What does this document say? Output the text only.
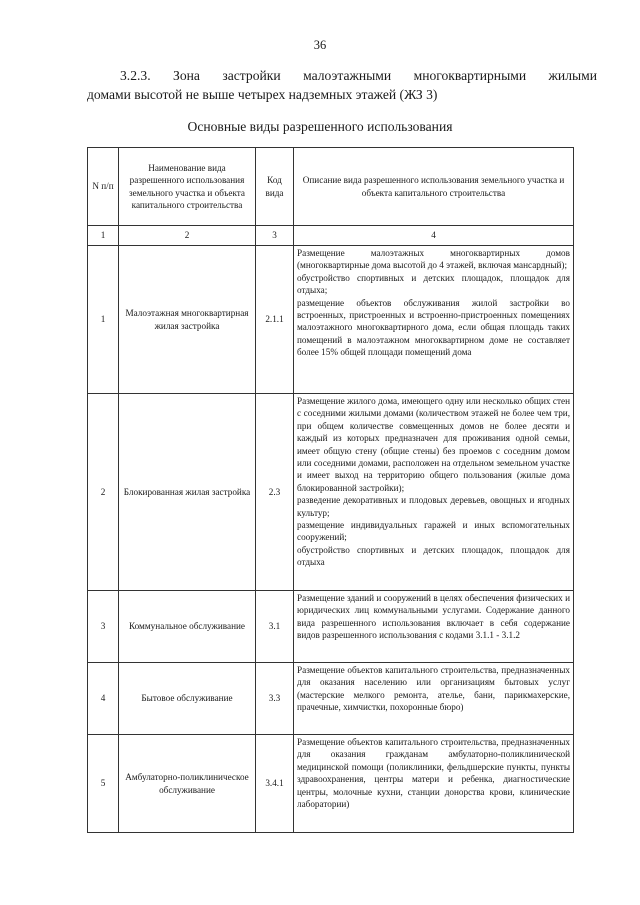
36
3.2.3. Зона застройки малоэтажными многоквартирными жилыми
домами высотой не выше четырех надземных этажей (ЖЗ 3)
Основные виды разрешенного использования
N п/п	Наименование вида разрешенного использования земельного участка и объекта капитального строительства	Код вида	Описание вида разрешенного использования земельного участка и объекта капитального строительства
1	2	3	4
1	Малоэтажная многоквартирная жилая застройка	2.1.1	Размещение малоэтажных многоквартирных домов (многоквартирные дома высотой до 4 этажей, включая мансардный);
обустройство спортивных и детских площадок, площадок для отдыха;
размещение объектов обслуживания жилой застройки во встроенных, пристроенных и встроенно-пристроенных помещениях малоэтажного многоквартирного дома, если общая площадь таких помещений в малоэтажном многоквартирном доме не составляет более 15% общей площади помещений дома

2	Блокированная жилая застройка	2.3	Размещение жилого дома, имеющего одну или несколько общих стен с соседними жилыми домами (количеством этажей не более чем три, при общем количестве совмещенных домов не более десяти и каждый из которых предназначен для проживания одной семьи, имеет общую стену (общие стены) без проемов с соседним домом или соседними домами, расположен на отдельном земельном участке и имеет выход на территорию общего пользования (жилые дома блокированной застройки);
разведение декоративных и плодовых деревьев, овощных и ягодных культур;
размещение индивидуальных гаражей и иных вспомогательных сооружений;
обустройство спортивных и детских площадок, площадок для отдыха

3	Коммунальное обслуживание	3.1	Размещение зданий и сооружений в целях обеспечения физических и юридических лиц коммунальными услугами. Содержание данного вида разрешенного использования включает в себя содержание видов разрешенного использования с кодами 3.1.1 - 3.1.2

4	Бытовое обслуживание	3.3	Размещение объектов капитального строительства, предназначенных для оказания населению или организациям бытовых услуг (мастерские мелкого ремонта, ателье, бани, парикмахерские, прачечные, химчистки, похоронные бюро)

5	Амбулаторно-поликлиническое обслуживание	3.4.1	Размещение объектов капитального строительства, предназначенных для оказания гражданам амбулаторно-поликлинической медицинской помощи (поликлиники, фельдшерские пункты, пункты здравоохранения, центры матери и ребенка, диагностические центры, молочные кухни, станции донорства крови, клинические лаборатории)
